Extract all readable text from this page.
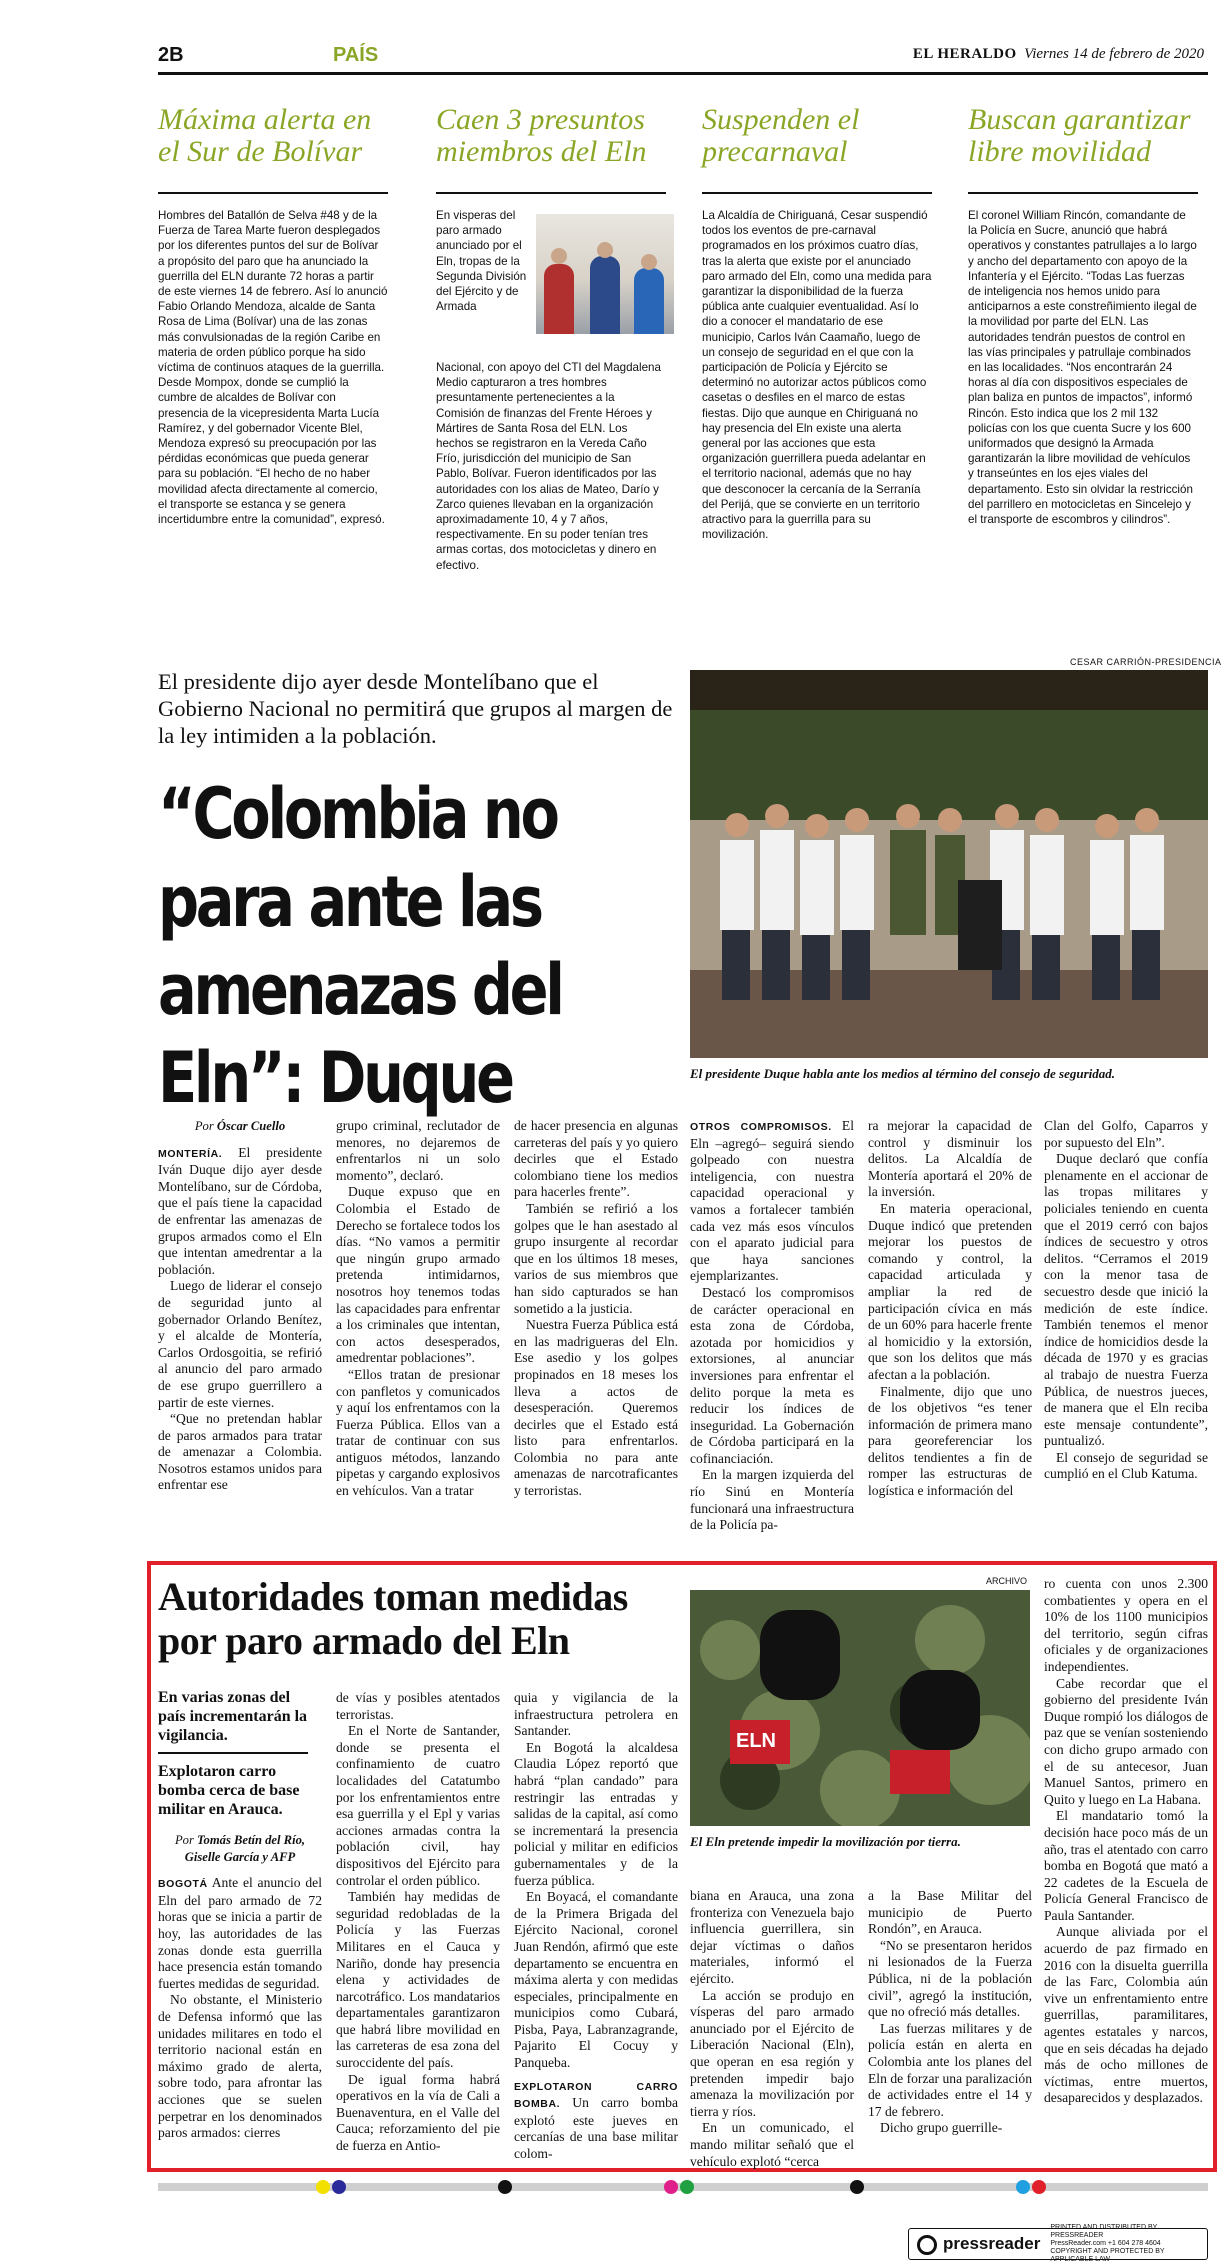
2B	PAÍS	EL HERALDO Viernes 14 de febrero de 2020
Máxima alerta en el Sur de Bolívar

Hombres del Batallón de Selva #48 y de la Fuerza de Tarea Marte fueron desplegados por los diferentes puntos del sur de Bolívar a propósito del paro que ha anunciado la guerrilla del ELN durante 72 horas a partir de este viernes 14 de febrero. Así lo anunció Fabio Orlando Mendoza, alcalde de Santa Rosa de Lima (Bolívar) una de las zonas más convulsionadas de la región Caribe en materia de orden público porque ha sido víctima de continuos ataques de la guerrilla. Desde Mompox, donde se cumplió la cumbre de alcaldes de Bolívar con presencia de la vicepresidenta Marta Lucía Ramírez, y del gobernador Vicente Blel, Mendoza expresó su preocupación por las pérdidas económicas que pueda generar para su población. “El hecho de no haber movilidad afecta directamente al comercio, el transporte se estanca y se genera incertidumbre entre la comunidad”, expresó.

Caen 3 presuntos miembros del Eln

En visperas del paro armado anunciado por el Eln, tropas de la Segunda División del Ejército y de Armada

Nacional, con apoyo del CTI del Magdalena Medio capturaron a tres hombres presuntamente pertenecientes a la Comisión de finanzas del Frente Héroes y Mártires de Santa Rosa del ELN. Los hechos se registraron en la Vereda Caño Frío, jurisdicción del municipio de San Pablo, Bolívar. Fueron identificados por las autoridades con los alias de Mateo, Darío y Zarco quienes llevaban en la organización aproximadamente 10, 4 y 7 años, respectivamente. En su poder tenían tres armas cortas, dos motocicletas y dinero en efectivo.

Suspenden el precarnaval

La Alcaldía de Chiriguaná, Cesar suspendió todos los eventos de pre-carnaval programados en los próximos cuatro días, tras la alerta que existe por el anunciado paro armado del Eln, como una medida para garantizar la disponibilidad de la fuerza pública ante cualquier eventualidad. Así lo dio a conocer el mandatario de ese municipio, Carlos Iván Caamaño, luego de un consejo de seguridad en el que con la participación de Policía y Ejército se determinó no autorizar actos públicos como casetas o desfiles en el marco de estas fiestas. Dijo que aunque en Chiriguaná no hay presencia del Eln existe una alerta general por las acciones que esta organización guerrillera pueda adelantar en el territorio nacional, además que no hay que desconocer la cercanía de la Serranía del Perijá, que se convierte en un territorio atractivo para la guerrilla para su movilización.

Buscan garantizar libre movilidad

El coronel William Rincón, comandante de la Policía en Sucre, anunció que habrá operativos y constantes patrullajes a lo largo y ancho del departamento con apoyo de la Infantería y el Ejército. “Todas Las fuerzas de inteligencia nos hemos unido para anticiparnos a este constreñimiento ilegal de la movilidad por parte del ELN. Las autoridades tendrán puestos de control en las vías principales y patrullaje combinados en las localidades. “Nos encontrarán 24 horas al día con dispositivos especiales de plan baliza en puntos de impactos”, informó Rincón. Esto indica que los 2 mil 132 policías con los que cuenta Sucre y los 600 uniformados que designó la Armada garantizarán la libre movilidad de vehículos y transeúntes en los ejes viales del departamento. Esto sin olvidar la restricción del parrillero en motocicletas en Sincelejo y el transporte de escombros y cilindros”.

CESAR CARRIÓN-PRESIDENCIA
El presidente dijo ayer desde Montelíbano que el Gobierno Nacional no permitirá que grupos al margen de la ley intimiden a la población.
“Colombia no para ante las amenazas del Eln”: Duque	El presidente Duque habla ante los medios al término del consejo de seguridad.
Por Óscar Cuello

MONTERÍA. El presidente Iván Duque dijo ayer desde Montelíbano, sur de Córdoba, que el país tiene la capacidad de enfrentar las amenazas de grupos armados como el Eln que intentan amedrentar a la población.

Luego de liderar el consejo de seguridad junto al gobernador Orlando Benítez, y el alcalde de Montería, Carlos Ordosgoitia, se refirió al anuncio del paro armado de ese grupo guerrillero a partir de este viernes.

“Que no pretendan hablar de paros armados para tratar de amenazar a Colombia. Nosotros estamos unidos para enfrentar ese

grupo criminal, reclutador de menores, no dejaremos de enfrentarlos ni un solo momento”, declaró.

Duque expuso que en Colombia el Estado de Derecho se fortalece todos los días. “No vamos a permitir que ningún grupo armado pretenda intimidarnos, nosotros hoy tenemos todas las capacidades para enfrentar a los criminales que intentan, con actos desesperados, amedrentar poblaciones”.

“Ellos tratan de presionar con panfletos y comunicados y aquí los enfrentamos con la Fuerza Pública. Ellos van a tratar de continuar con sus antiguos métodos, lanzando pipetas y cargando explosivos en vehículos. Van a tratar

de hacer presencia en algunas carreteras del país y yo quiero decirles que el Estado colombiano tiene los medios para hacerles frente”.

También se refirió a los golpes que le han asestado al grupo insurgente al recordar que en los últimos 18 meses, varios de sus miembros que han sido capturados se han sometido a la justicia.

Nuestra Fuerza Pública está en las madrigueras del Eln. Ese asedio y los golpes propinados en 18 meses los lleva a actos de desesperación. Queremos decirles que el Estado está listo para enfrentarlos. Colombia no para ante amenazas de narcotraficantes y terroristas.

OTROS COMPROMISOS. El Eln –agregó– seguirá siendo golpeado con nuestra inteligencia, con nuestra capacidad operacional y vamos a fortalecer también cada vez más esos vínculos con el aparato judicial para que haya sanciones ejemplarizantes.

Destacó los compromisos de carácter operacional en esta zona de Córdoba, azotada por homicidios y extorsiones, al anunciar inversiones para enfrentar el delito porque la meta es reducir los índices de inseguridad. La Gobernación de Córdoba participará en la cofinanciación.

En la margen izquierda del río Sinú en Montería funcionará una infraestructura de la Policía pa-

ra mejorar la capacidad de control y disminuir los delitos. La Alcaldía de Montería aportará el 20% de la inversión.

En materia operacional, Duque indicó que pretenden mejorar los puestos de comando y control, la capacidad articulada y ampliar la red de participación cívica en más de un 60% para hacerle frente al homicidio y la extorsión, que son los delitos que más afectan a la población.

Finalmente, dijo que uno de los objetivos “es tener información de primera mano para georeferenciar los delitos tendientes a fin de romper las estructuras de logística e información del

Clan del Golfo, Caparros y por supuesto del Eln”.

Duque declaró que confía plenamente en el accionar de las tropas militares y policiales teniendo en cuenta que el 2019 cerró con bajos índices de secuestro y otros delitos. “Cerramos el 2019 con la menor tasa de secuestro desde que inició la medición de este índice. También tenemos el menor índice de homicidios desde la década de 1970 y es gracias al trabajo de nuestra Fuerza Pública, de nuestros jueces, de manera que el Eln reciba este mensaje contundente”, puntualizó.

El consejo de seguridad se cumplió en el Club Katuma.

Autoridades toman medidas por paro armado del Eln
En varias zonas del país incrementarán la vigilancia.
Explotaron carro bomba cerca de base militar en Arauca.
ARCHIVO
ELN
El Eln pretende impedir la movilización por tierra.
Por Tomás Betín del Río, Giselle García y AFP

BOGOTÁ Ante el anuncio del Eln del paro armado de 72 horas que se inicia a partir de hoy, las autoridades de las zonas donde esta guerrilla hace presencia están tomando fuertes medidas de seguridad.

No obstante, el Ministerio de Defensa informó que las unidades militares en todo el territorio nacional están en máximo grado de alerta, sobre todo, para afrontar las acciones que se suelen perpetrar en los denominados paros armados: cierres

de vías y posibles atentados terroristas.

En el Norte de Santander, donde se presenta el confinamiento de cuatro localidades del Catatumbo por los enfrentamientos entre esa guerrilla y el Epl y varias acciones armadas contra la población civil, hay dispositivos del Ejército para controlar el orden público.

También hay medidas de seguridad redobladas de la Policía y las Fuerzas Militares en el Cauca y Nariño, donde hay presencia elena y actividades de narcotráfico. Los mandatarios departamentales garantizaron que habrá libre movilidad en las carreteras de esa zona del suroccidente del país.

De igual forma habrá operativos en la vía de Cali a Buenaventura, en el Valle del Cauca; reforzamiento del pie de fuerza en Antio-

quia y vigilancia de la infraestructura petrolera en Santander.

En Bogotá la alcaldesa Claudia López reportó que habrá “plan candado” para restringir las entradas y salidas de la capital, así como se incrementará la presencia policial y militar en edificios gubernamentales y de la fuerza pública.

En Boyacá, el comandante de la Primera Brigada del Ejército Nacional, coronel Juan Rendón, afirmó que este departamento se encuentra en máxima alerta y con medidas especiales, principalmente en municipios como Cubará, Pisba, Paya, Labranzagrande, Pajarito El Cocuy y Panqueba.

EXPLOTARON CARRO BOMBA. Un carro bomba explotó este jueves en cercanías de una base militar colom-

biana en Arauca, una zona fronteriza con Venezuela bajo influencia guerrillera, sin dejar víctimas o daños materiales, informó el ejército.

La acción se produjo en vísperas del paro armado anunciado por el Ejército de Liberación Nacional (Eln), que operan en esa región y pretenden impedir bajo amenaza la movilización por tierra y ríos.

En un comunicado, el mando militar señaló que el vehículo explotó “cerca

a la Base Militar del municipio de Puerto Rondón”, en Arauca.

“No se presentaron heridos ni lesionados de la Fuerza Pública, ni de la población civil”, agregó la institución, que no ofreció más detalles.

Las fuerzas militares y de policía están en alerta en Colombia ante los planes del Eln de forzar una paralización de actividades entre el 14 y 17 de febrero.

Dicho grupo guerrille-

ro cuenta con unos 2.300 combatientes y opera en el 10% de los 1100 municipios del territorio, según cifras oficiales y de organizaciones independientes.

Cabe recordar que el gobierno del presidente Iván Duque rompió los diálogos de paz que se venían sosteniendo con dicho grupo armado con el de su antecesor, Juan Manuel Santos, primero en Quito y luego en La Habana.

El mandatario tomó la decisión hace poco más de un año, tras el atentado con carro bomba en Bogotá que mató a 22 cadetes de la Escuela de Policía General Francisco de Paula Santander.

Aunque aliviada por el acuerdo de paz firmado en 2016 con la disuelta guerrilla de las Farc, Colombia aún vive un enfrentamiento entre guerrillas, paramilitares, agentes estatales y narcos, que en seis décadas ha dejado más de ocho millones de víctimas, entre muertos, desaparecidos y desplazados.

pressreader
PRINTED AND DISTRIBUTED BY PRESSREADER
PressReader.com +1 604 278 4604
COPYRIGHT AND PROTECTED BY APPLICABLE LAW
